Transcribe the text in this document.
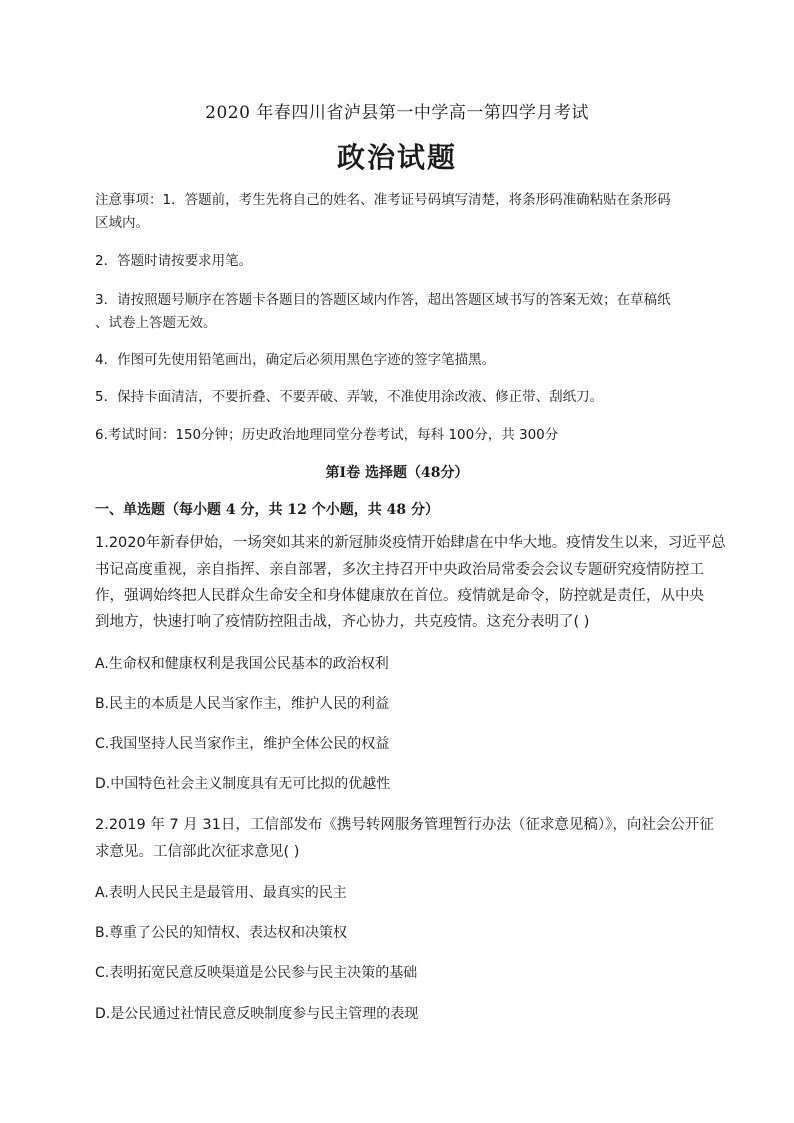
2020 年春四川省泸县第一中学高一第四学月考试
政治试题
注意事项：1．答题前，考生先将自己的姓名、准考证号码填写清楚，将条形码准确粘贴在条形码
区域内。
2．答题时请按要求用笔。
3．请按照题号顺序在答题卡各题目的答题区域内作答，超出答题区域书写的答案无效；在草稿纸
、试卷上答题无效。
4．作图可先使用铅笔画出，确定后必须用黑色字迹的签字笔描黑。
5．保持卡面清洁，不要折叠、不要弄破、弄皱，不准使用涂改液、修正带、刮纸刀。
6.考试时间：150分钟；历史政治地理同堂分卷考试，每科 100分，共 300分
第Ⅰ卷 选择题（48分）
一、单选题（每小题 4 分，共 12 个小题，共 48 分）
1.2020年新春伊始，一场突如其来的新冠肺炎疫情开始肆虐在中华大地。疫情发生以来，习近平总
书记高度重视，亲自指挥、亲自部署，多次主持召开中央政治局常委会会议专题研究疫情防控工
作，强调始终把人民群众生命安全和身体健康放在首位。疫情就是命令，防控就是责任，从中央
到地方，快速打响了疫情防控阻击战，齐心协力，共克疫情。这充分表明了( )
A.生命权和健康权利是我国公民基本的政治权利
B.民主的本质是人民当家作主，维护人民的利益
C.我国坚持人民当家作主，维护全体公民的权益
D.中国特色社会主义制度具有无可比拟的优越性
2.2019 年 7 月 31日，工信部发布《携号转网服务管理暂行办法（征求意见稿）》，向社会公开征
求意见。工信部此次征求意见( )
A.表明人民民主是最管用、最真实的民主
B.尊重了公民的知情权、表达权和决策权
C.表明拓宽民意反映渠道是公民参与民主决策的基础
D.是公民通过社情民意反映制度参与民主管理的表现
